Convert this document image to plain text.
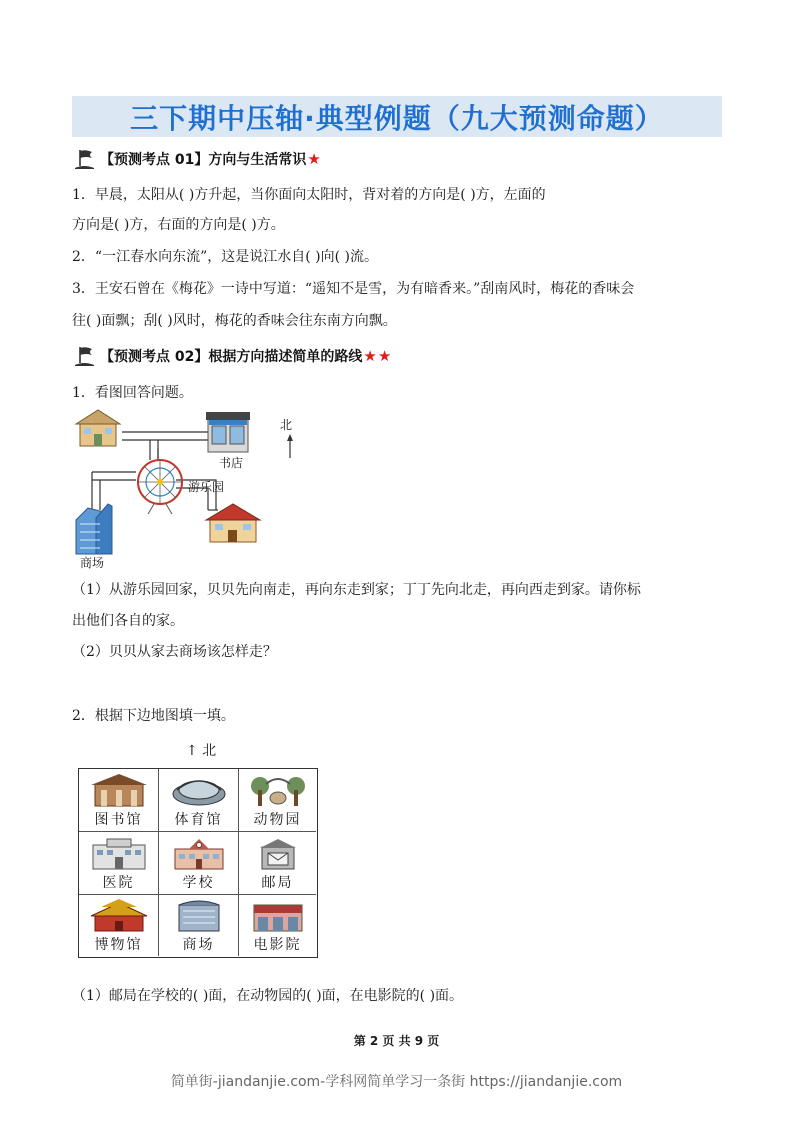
三下期中压轴·典型例题（九大预测命题）
【预测考点 01】方向与生活常识 ★
1．早晨，太阳从( )方升起，当你面向太阳时，背对着的方向是( )方，左面的
方向是( )方，右面的方向是( )方。
2．“一江春水向东流”，这是说江水自( )向( )流。
3．王安石曾在《梅花》一诗中写道：“遥知不是雪，为有暗香来。”刮南风时，梅花的香味会
往( )面飘；刮( )风时，梅花的香味会往东南方向飘。
【预测考点 02】根据方向描述简单的路线 ★ ★
1．看图回答问题。
北
书店
游乐园
商场
（1）从游乐园回家，贝贝先向南走，再向东走到家；丁丁先向北走，再向西走到家。请你标
出他们各自的家。
（2）贝贝从家去商场该怎样走？
2．根据下边地图填一填。
↑ 北
图书馆 体育馆 动物园
医院	学校	邮局
博物馆	商场	电影院
（1）邮局在学校的( )面，在动物园的( )面，在电影院的( )面。
第 2 页 共 9 页
简单街-jiandanjie.com-学科网简单学习一条街 https://jiandanjie.com
